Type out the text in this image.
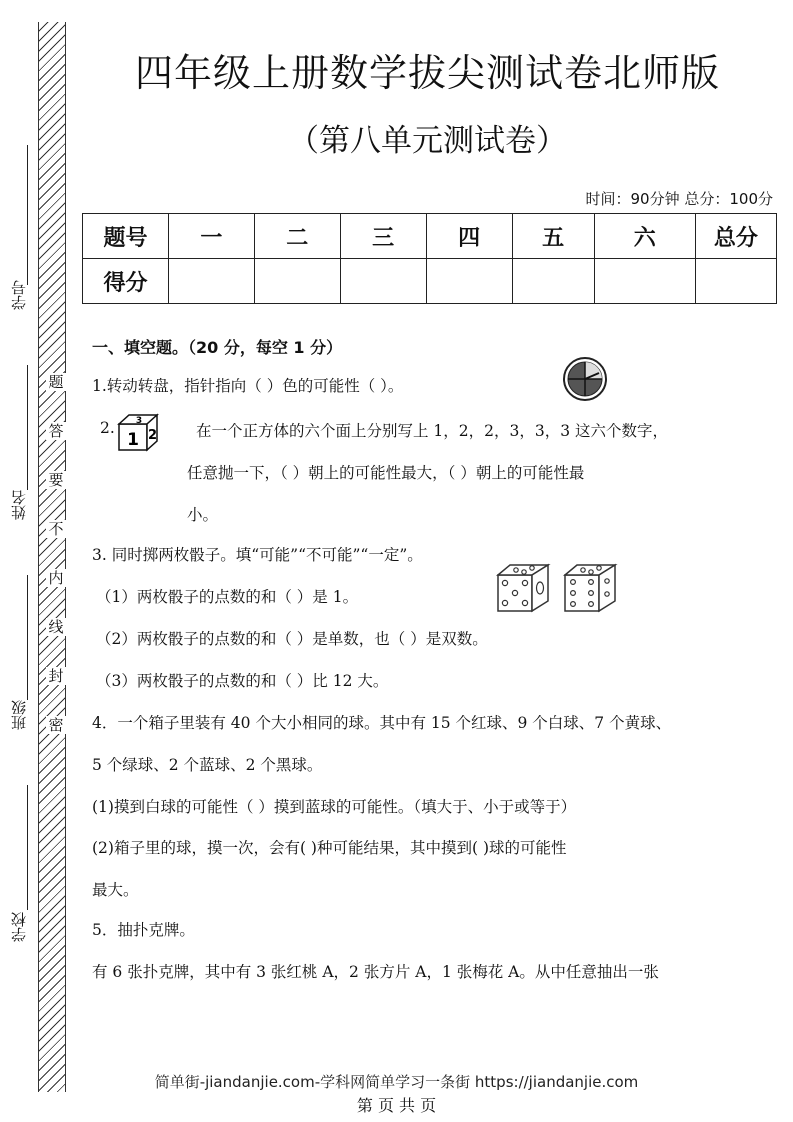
题
答
要
不
内
线
封
密
学号
姓名
班级
学校
四年级上册数学拔尖测试卷北师版
（第八单元测试卷）
时间：90分钟 总分：100分
题号	一	二	三	四	五	六	总分
得分							
一、填空题。（20 分，每空 1 分）
1.转动转盘，指针指向（ ）色的可能性（ ）。
2.
1 2
3
在一个正方体的六个面上分别写上 1，2，2，3，3，3 这六个数字，
任意抛一下，（ ）朝上的可能性最大，（ ）朝上的可能性最
小。
3. 同时掷两枚骰子。填“可能”“不可能”“一定”。
（1）两枚骰子的点数的和（ ）是 1。
（2）两枚骰子的点数的和（ ）是单数，也（ ）是双数。
（3）两枚骰子的点数的和（ ）比 12 大。
4．一个箱子里装有 40 个大小相同的球。其中有 15 个红球、9 个白球、7 个黄球、
5 个绿球、2 个蓝球、2 个黑球。
(1)摸到白球的可能性（ ）摸到蓝球的可能性。（填大于、小于或等于）
(2)箱子里的球，摸一次，会有( )种可能结果，其中摸到( )球的可能性
最大。
5．抽扑克牌。
有 6 张扑克牌，其中有 3 张红桃 A，2 张方片 A，1 张梅花 A。从中任意抽出一张
简单街-jiandanjie.com-学科网简单学习一条街 https://jiandanjie.com
第 页 共 页
